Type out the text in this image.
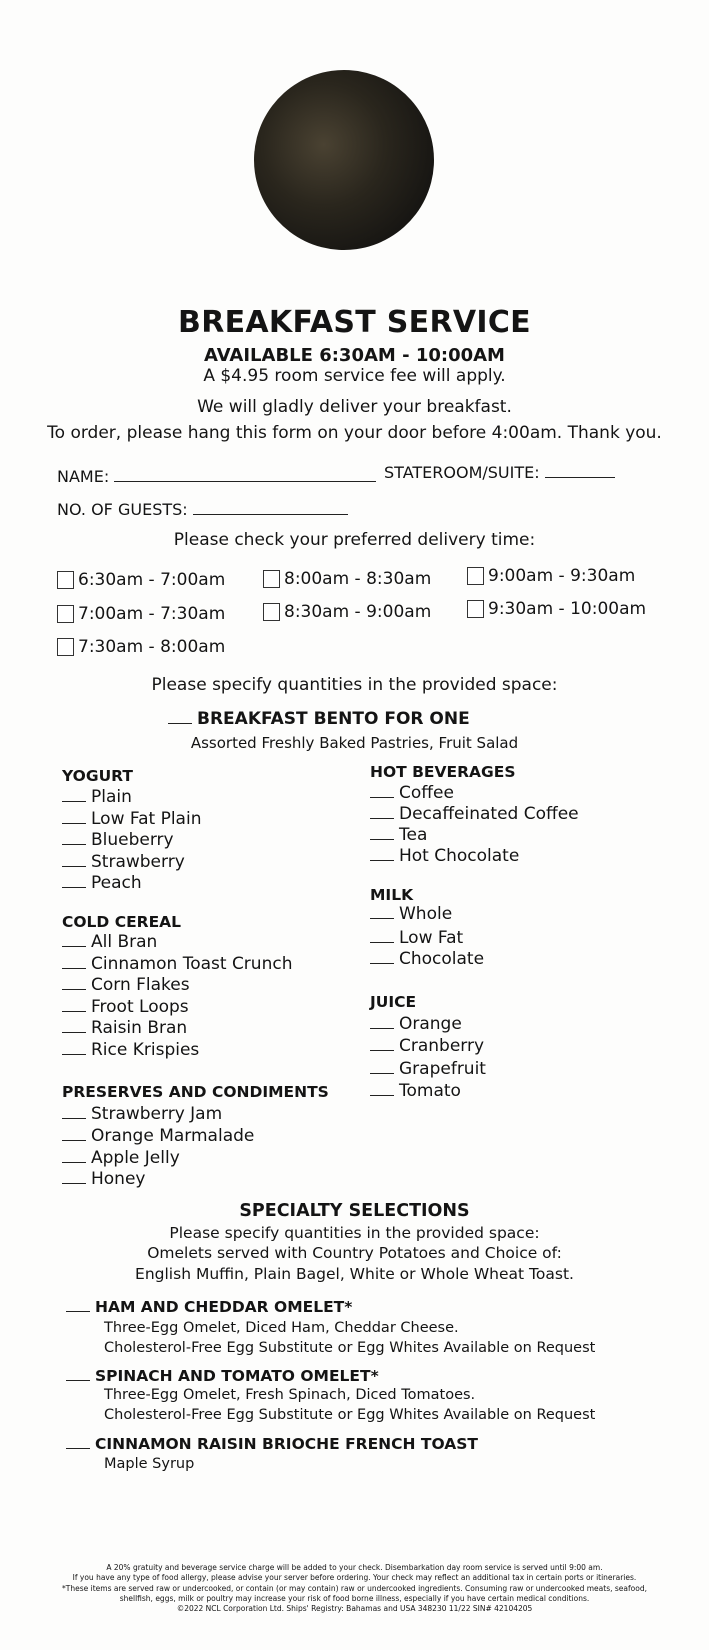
BREAKFAST SERVICE
AVAILABLE 6:30AM - 10:00AM
A $4.95 room service fee will apply.
We will gladly deliver your breakfast.
To order, please hang this form on your door before 4:00am. Thank you.
NAME:	STATEROOM/SUITE:
NO. OF GUESTS:
Please check your preferred delivery time:
6:30am - 7:00am
7:00am - 7:30am
7:30am - 8:00am
8:00am - 8:30am
8:30am - 9:00am
9:00am - 9:30am
9:30am - 10:00am
Please specify quantities in the provided space:
BREAKFAST BENTO FOR ONE
Assorted Freshly Baked Pastries, Fruit Salad
YOGURT
Plain
Low Fat Plain
Blueberry
Strawberry
Peach
COLD CEREAL
All Bran
Cinnamon Toast Crunch
Corn Flakes
Froot Loops
Raisin Bran
Rice Krispies
PRESERVES AND CONDIMENTS
Strawberry Jam
Orange Marmalade
Apple Jelly
Honey
HOT BEVERAGES
Coffee
Decaffeinated Coffee
Tea
Hot Chocolate
MILK
Whole
Low Fat
Chocolate
JUICE
Orange
Cranberry
Grapefruit
Tomato
SPECIALTY SELECTIONS
Please specify quantities in the provided space:
Omelets served with Country Potatoes and Choice of:
English Muffin, Plain Bagel, White or Whole Wheat Toast.
HAM AND CHEDDAR OMELET*
Three-Egg Omelet, Diced Ham, Cheddar Cheese.
Cholesterol-Free Egg Substitute or Egg Whites Available on Request
SPINACH AND TOMATO OMELET*
Three-Egg Omelet, Fresh Spinach, Diced Tomatoes.
Cholesterol-Free Egg Substitute or Egg Whites Available on Request
CINNAMON RAISIN BRIOCHE FRENCH TOAST
Maple Syrup
A 20% gratuity and beverage service charge will be added to your check. Disembarkation day room service is served until 9:00 am.
If you have any type of food allergy, please advise your server before ordering. Your check may reflect an additional tax in certain ports or itineraries.
*These items are served raw or undercooked, or contain (or may contain) raw or undercooked ingredients. Consuming raw or undercooked meats, seafood,
shellfish, eggs, milk or poultry may increase your risk of food borne illness, especially if you have certain medical conditions.
©2022 NCL Corporation Ltd. Ships' Registry: Bahamas and USA 348230 11/22 SIN# 42104205
